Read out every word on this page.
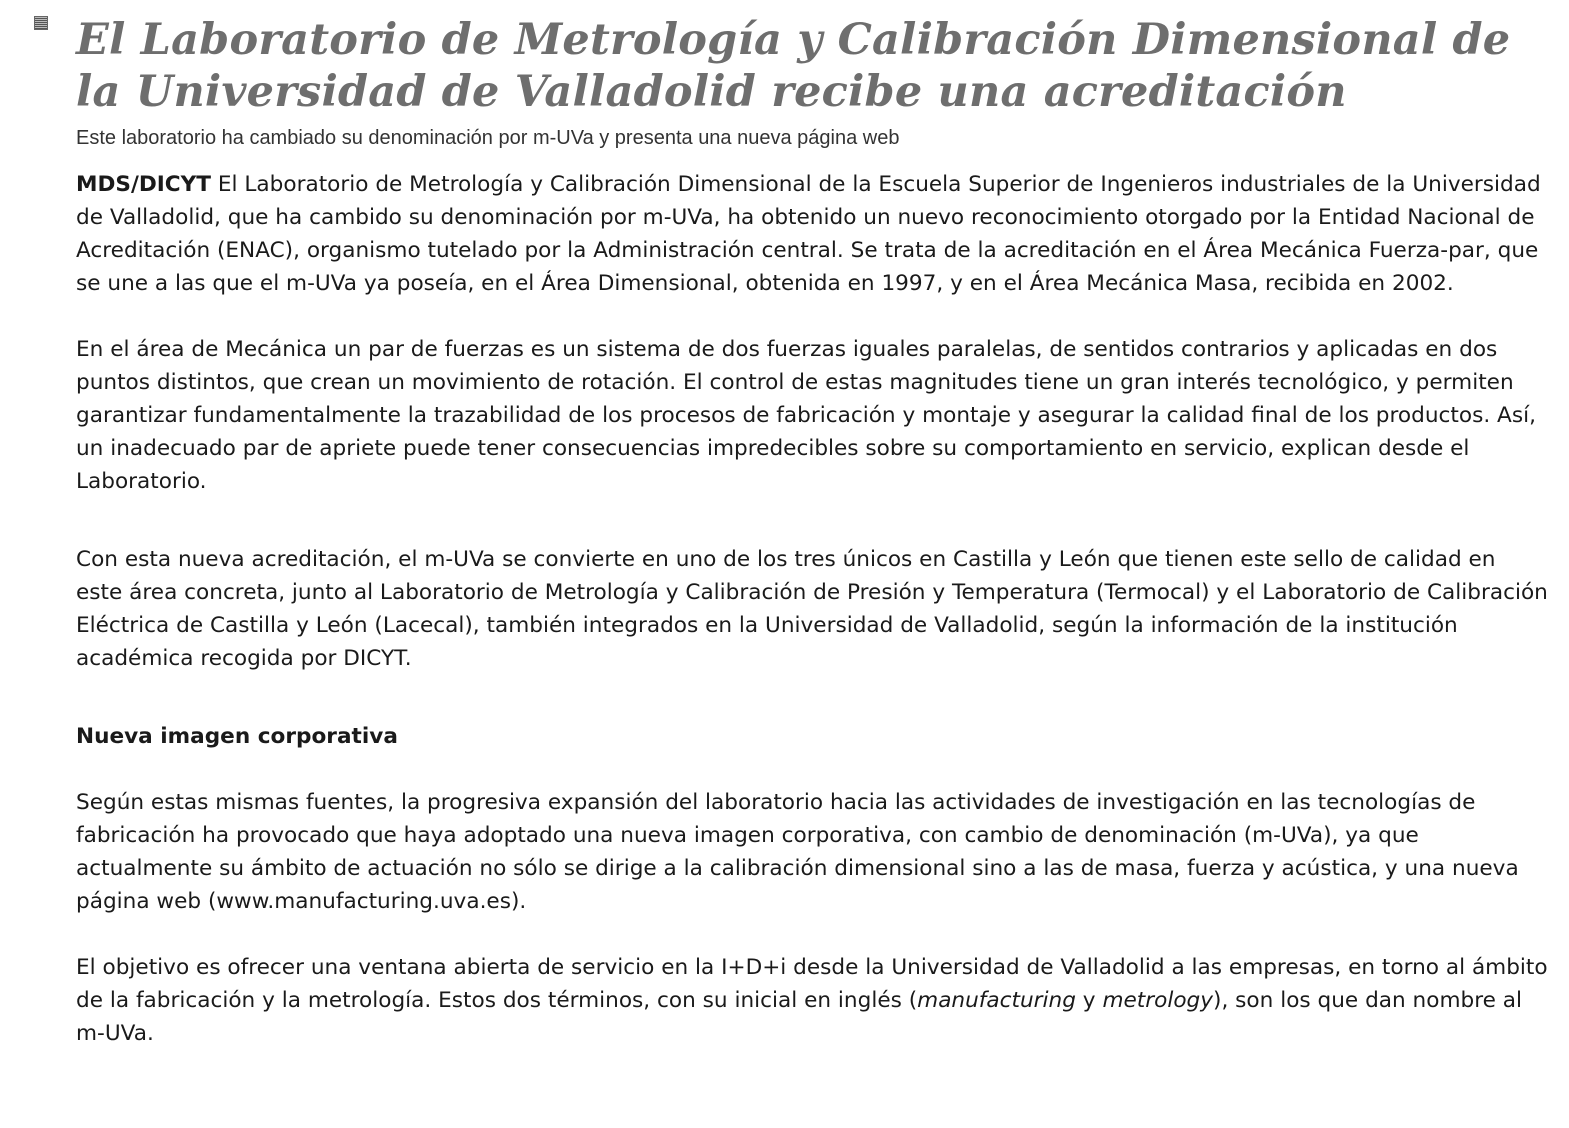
El Laboratorio de Metrología y Calibración Dimensional de la Universidad de Valladolid recibe una acreditación

Este laboratorio ha cambiado su denominación por m-UVa y presenta una nueva página web

MDS/DICYT El Laboratorio de Metrología y Calibración Dimensional de la Escuela Superior de Ingenieros industriales de la Universidad de Valladolid, que ha cambido su denominación por m-UVa, ha obtenido un nuevo reconocimiento otorgado por la Entidad Nacional de Acreditación (ENAC), organismo tutelado por la Administración central. Se trata de la acreditación en el Área Mecánica Fuerza-par, que se une a las que el m-UVa ya poseía, en el Área Dimensional, obtenida en 1997, y en el Área Mecánica Masa, recibida en 2002.

En el área de Mecánica un par de fuerzas es un sistema de dos fuerzas iguales paralelas, de sentidos contrarios y aplicadas en dos puntos distintos, que crean un movimiento de rotación. El control de estas magnitudes tiene un gran interés tecnológico, y permiten garantizar fundamentalmente la trazabilidad de los procesos de fabricación y montaje y asegurar la calidad final de los productos. Así, un inadecuado par de apriete puede tener consecuencias impredecibles sobre su comportamiento en servicio, explican desde el Laboratorio.

Con esta nueva acreditación, el m-UVa se convierte en uno de los tres únicos en Castilla y León que tienen este sello de calidad en este área concreta, junto al Laboratorio de Metrología y Calibración de Presión y Temperatura (Termocal) y el Laboratorio de Calibración Eléctrica de Castilla y León (Lacecal), también integrados en la Universidad de Valladolid, según la información de la institución académica recogida por DICYT.

Nueva imagen corporativa

Según estas mismas fuentes, la progresiva expansión del laboratorio hacia las actividades de investigación en las tecnologías de fabricación ha provocado que haya adoptado una nueva imagen corporativa, con cambio de denominación (m-UVa), ya que actualmente su ámbito de actuación no sólo se dirige a la calibración dimensional sino a las de masa, fuerza y acústica, y una nueva página web (www.manufacturing.uva.es).

El objetivo es ofrecer una ventana abierta de servicio en la I+D+i desde la Universidad de Valladolid a las empresas, en torno al ámbito de la fabricación y la metrología. Estos dos términos, con su inicial en inglés (manufacturing y metrology), son los que dan nombre al m-UVa.
